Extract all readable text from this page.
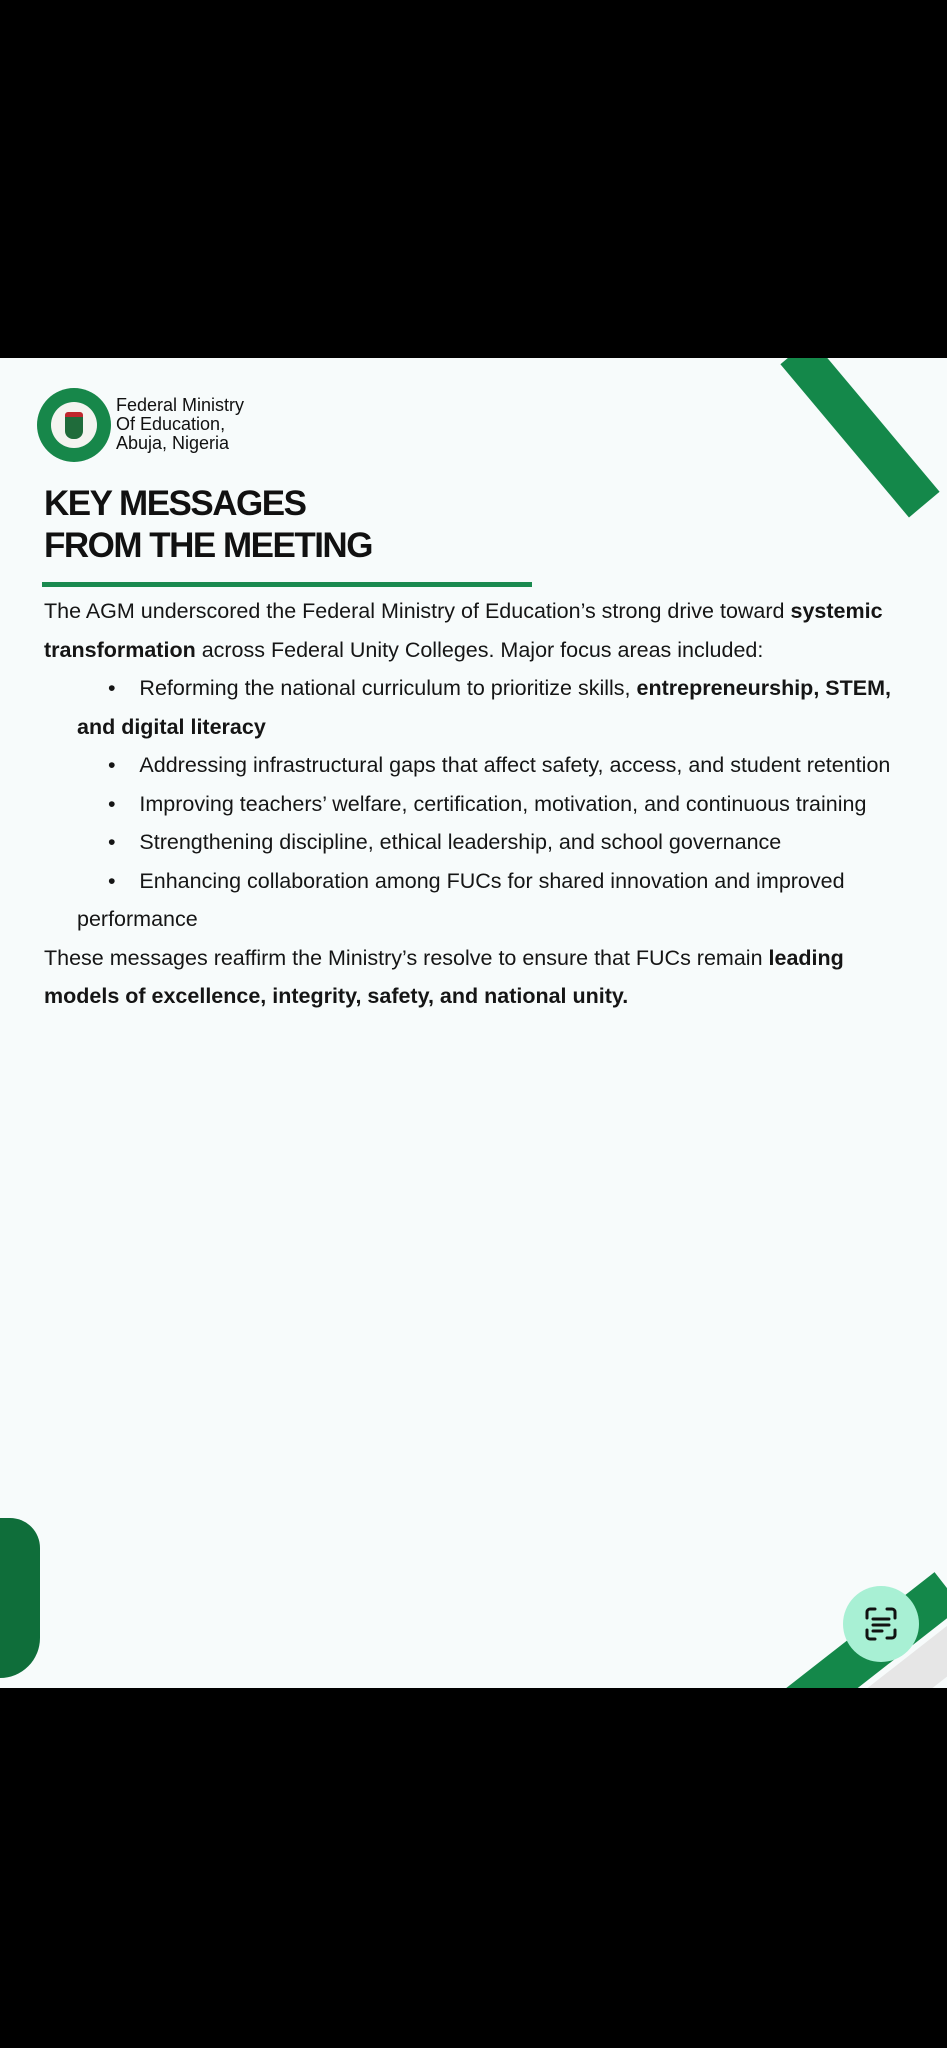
Federal Ministry
Of Education,
Abuja, Nigeria
KEY MESSAGES
FROM THE MEETING

The AGM underscored the Federal Ministry of Education’s strong drive toward systemic transformation across Federal Unity Colleges. Major focus areas included:

•    Reforming the national curriculum to prioritize skills, entrepreneurship, STEM, and digital literacy
•    Addressing infrastructural gaps that affect safety, access, and student retention
•    Improving teachers’ welfare, certification, motivation, and continuous training
•    Strengthening discipline, ethical leadership, and school governance
•    Enhancing collaboration among FUCs for shared innovation and improved performance

These messages reaffirm the Ministry’s resolve to ensure that FUCs remain leading models of excellence, integrity, safety, and national unity.
